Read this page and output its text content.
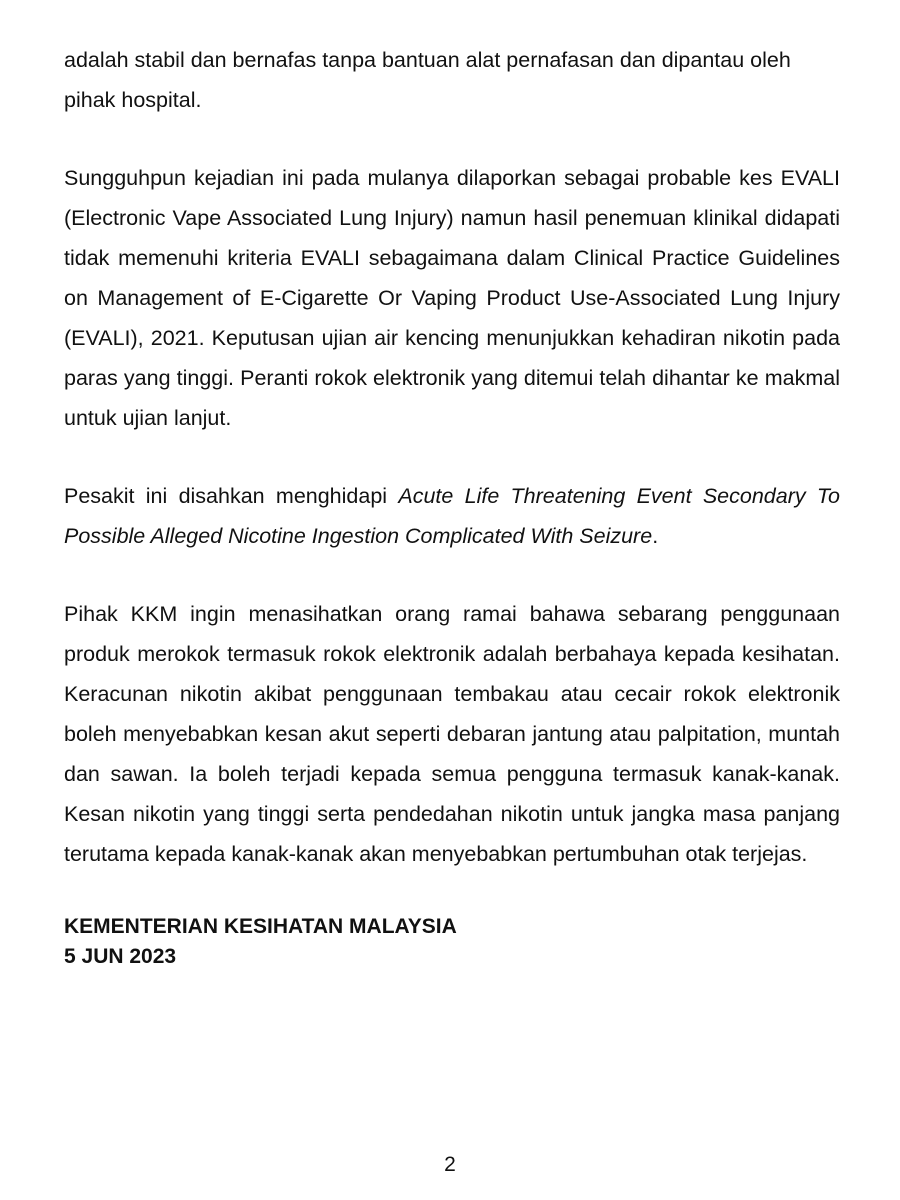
adalah stabil dan bernafas tanpa bantuan alat pernafasan dan dipantau oleh pihak hospital.

Sungguhpun kejadian ini pada mulanya dilaporkan sebagai probable kes EVALI (Electronic Vape Associated Lung Injury) namun hasil penemuan klinikal didapati tidak memenuhi kriteria EVALI sebagaimana dalam Clinical Practice Guidelines on Management of E-Cigarette Or Vaping Product Use-Associated Lung Injury (EVALI), 2021. Keputusan ujian air kencing menunjukkan kehadiran nikotin pada paras yang tinggi. Peranti rokok elektronik yang ditemui telah dihantar ke makmal untuk ujian lanjut.

Pesakit ini disahkan menghidapi Acute Life Threatening Event Secondary To Possible Alleged Nicotine Ingestion Complicated With Seizure.

Pihak KKM ingin menasihatkan orang ramai bahawa sebarang penggunaan produk merokok termasuk rokok elektronik adalah berbahaya kepada kesihatan. Keracunan nikotin akibat penggunaan tembakau atau cecair rokok elektronik boleh menyebabkan kesan akut seperti debaran jantung atau palpitation, muntah dan sawan. Ia boleh terjadi kepada semua pengguna termasuk kanak-kanak. Kesan nikotin yang tinggi serta pendedahan nikotin untuk jangka masa panjang terutama kepada kanak-kanak akan menyebabkan pertumbuhan otak terjejas.

KEMENTERIAN KESIHATAN MALAYSIA
5 JUN 2023
2
